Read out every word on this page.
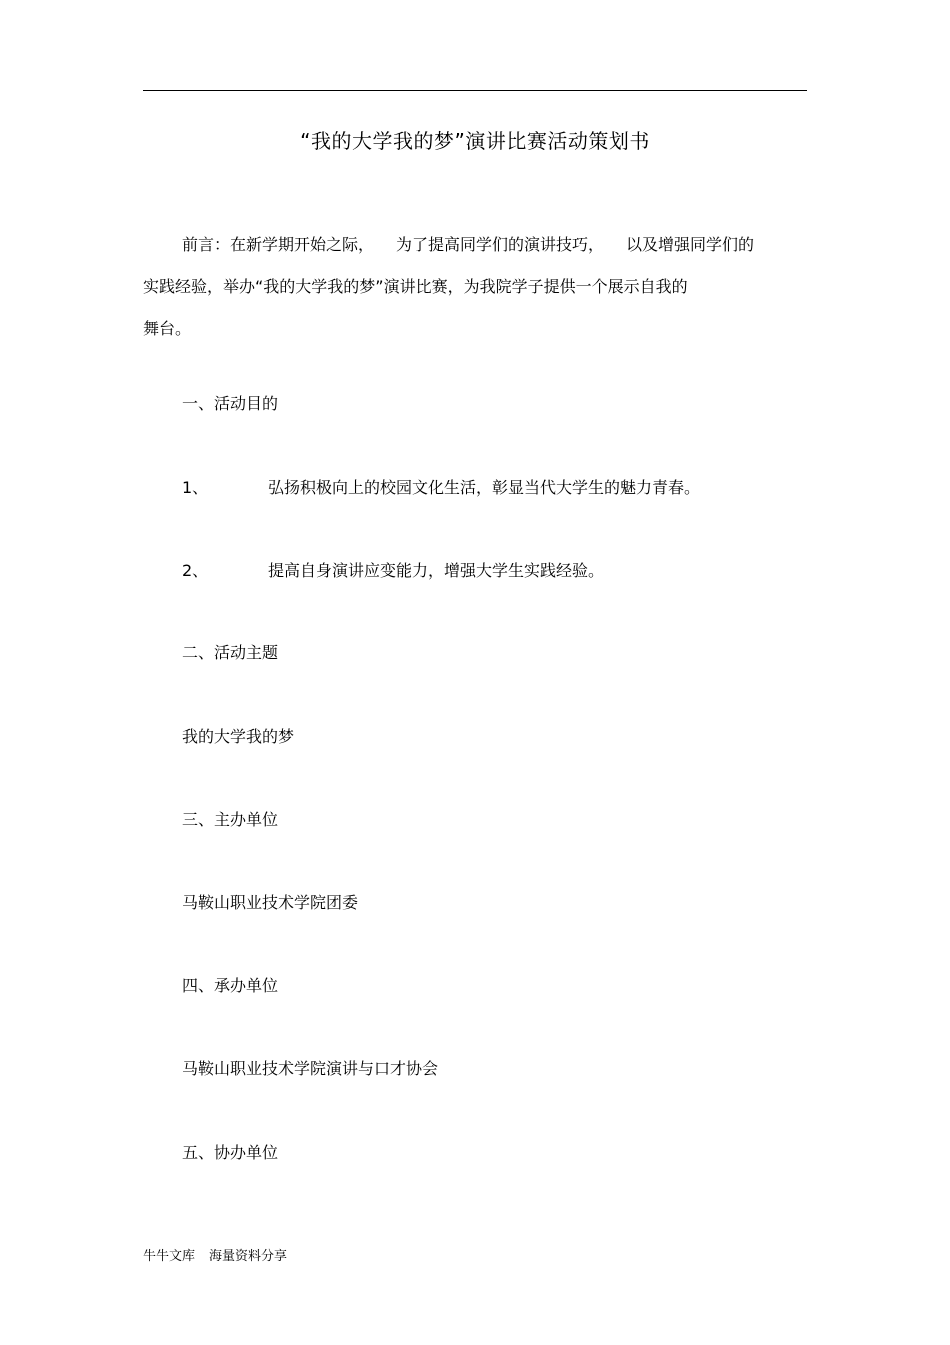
“我的大学我的梦”演讲比赛活动策划书
前言：在新学期开始之际， 为了提高同学们的演讲技巧， 以及增强同学们的
实践经验，举办“我的大学我的梦”演讲比赛，为我院学子提供一个展示自我的
舞台。
一、活动目的
1、	弘扬积极向上的校园文化生活，彰显当代大学生的魅力青春。
2、	提高自身演讲应变能力，增强大学生实践经验。
二、活动主题
我的大学我的梦
三、主办单位
马鞍山职业技术学院团委
四、承办单位
马鞍山职业技术学院演讲与口才协会
五、协办单位
牛牛文库 海量资料分享
